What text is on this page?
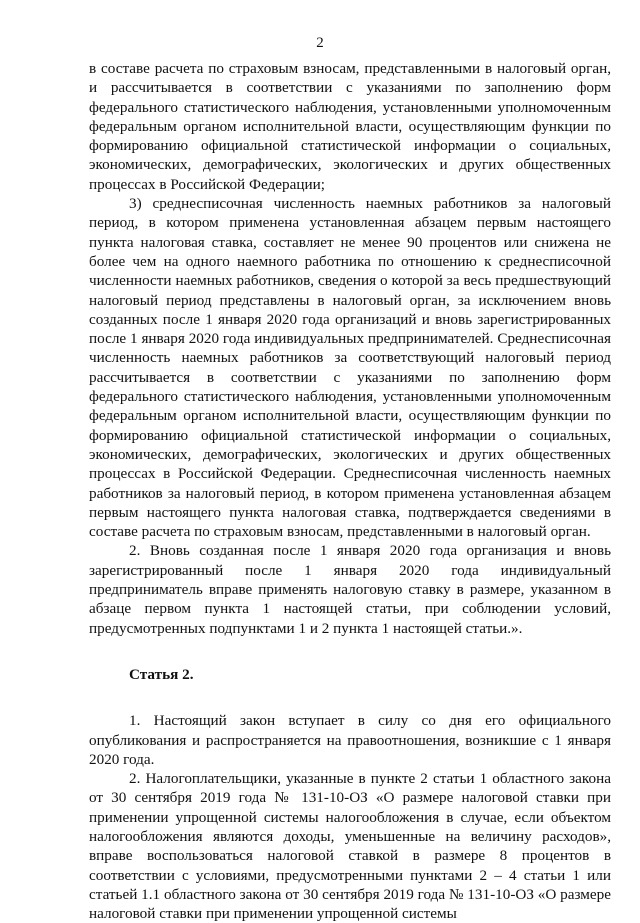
2

в составе расчета по страховым взносам, представленными в налоговый орган, и рассчитывается в соответствии с указаниями по заполнению форм федерального статистического наблюдения, установленными уполномоченным федеральным органом исполнительной власти, осуществляющим функции по формированию официальной статистической информации о социальных, экономических, демографических, экологических и других общественных процессах в Российской Федерации;

3) среднесписочная численность наемных работников за налоговый период, в котором применена установленная абзацем первым настоящего пункта налоговая ставка, составляет не менее 90 процентов или снижена не более чем на одного наемного работника по отношению к среднесписочной численности наемных работников, сведения о которой за весь предшествующий налоговый период представлены в налоговый орган, за исключением вновь созданных после 1 января 2020 года организаций и вновь зарегистрированных после 1 января 2020 года индивидуальных предпринимателей. Среднесписочная численность наемных работников за соответствующий налоговый период рассчитывается в соответствии с указаниями по заполнению форм федерального статистического наблюдения, установленными уполномоченным федеральным органом исполнительной власти, осуществляющим функции по формированию официальной статистической информации о социальных, экономических, демографических, экологических и других общественных процессах в Российской Федерации. Среднесписочная численность наемных работников за налоговый период, в котором применена установленная абзацем первым настоящего пункта налоговая ставка, подтверждается сведениями в составе расчета по страховым взносам, представленными в налоговый орган.

2. Вновь созданная после 1 января 2020 года организация и вновь зарегистрированный после 1 января 2020 года индивидуальный предприниматель вправе применять налоговую ставку в размере, указанном в абзаце первом пункта 1 настоящей статьи, при соблюдении условий, предусмотренных подпунктами 1 и 2 пункта 1 настоящей статьи.».

Статья 2.

1. Настоящий закон вступает в силу со дня его официального опубликования и распространяется на правоотношения, возникшие с 1 января 2020 года.

2. Налогоплательщики, указанные в пункте 2 статьи 1 областного закона от 30 сентября 2019 года № 131-10-ОЗ «О размере налоговой ставки при применении упрощенной системы налогообложения в случае, если объектом налогообложения являются доходы, уменьшенные на величину расходов», вправе воспользоваться налоговой ставкой в размере 8 процентов в соответствии с условиями, предусмотренными пунктами 2 – 4 статьи 1 или статьей 1.1 областного закона от 30 сентября 2019 года № 131-10-ОЗ «О размере налоговой ставки при применении упрощенной системы
